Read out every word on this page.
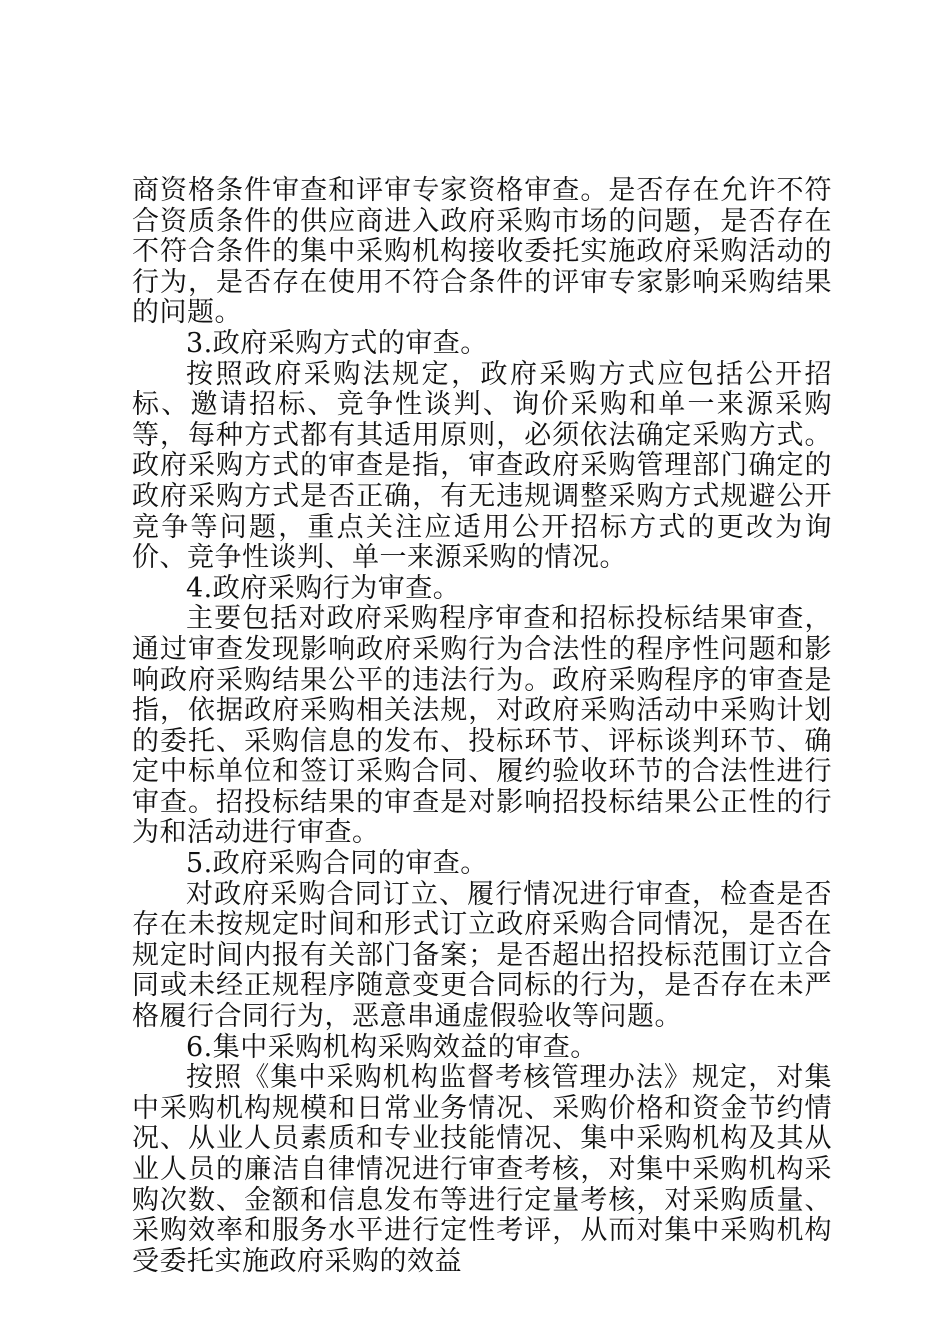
商资格条件审查和评审专家资格审查。是否存在允许不符合资质条件的供应商进入政府采购市场的问题，是否存在不符合条件的集中采购机构接收委托实施政府采购活动的行为，是否存在使用不符合条件的评审专家影响采购结果的问题。

3.政府采购方式的审查。

按照政府采购法规定，政府采购方式应包括公开招标、邀请招标、竞争性谈判、询价采购和单一来源采购等，每种方式都有其适用原则，必须依法确定采购方式。政府采购方式的审查是指，审查政府采购管理部门确定的政府采购方式是否正确，有无违规调整采购方式规避公开竞争等问题，重点关注应适用公开招标方式的更改为询价、竞争性谈判、单一来源采购的情况。

4.政府采购行为审查。

主要包括对政府采购程序审查和招标投标结果审查，通过审查发现影响政府采购行为合法性的程序性问题和影响政府采购结果公平的违法行为。政府采购程序的审查是指，依据政府采购相关法规，对政府采购活动中采购计划的委托、采购信息的发布、投标环节、评标谈判环节、确定中标单位和签订采购合同、履约验收环节的合法性进行审查。招投标结果的审查是对影响招投标结果公正性的行为和活动进行审查。

5.政府采购合同的审查。

对政府采购合同订立、履行情况进行审查，检查是否存在未按规定时间和形式订立政府采购合同情况，是否在规定时间内报有关部门备案；是否超出招投标范围订立合同或未经正规程序随意变更合同标的行为，是否存在未严格履行合同行为，恶意串通虚假验收等问题。

6.集中采购机构采购效益的审查。

按照《集中采购机构监督考核管理办法》规定，对集中采购机构规模和日常业务情况、采购价格和资金节约情况、从业人员素质和专业技能情况、集中采购机构及其从业人员的廉洁自律情况进行审查考核，对集中采购机构采购次数、金额和信息发布等进行定量考核，对采购质量、采购效率和服务水平进行定性考评，从而对集中采购机构受委托实施政府采购的效益
